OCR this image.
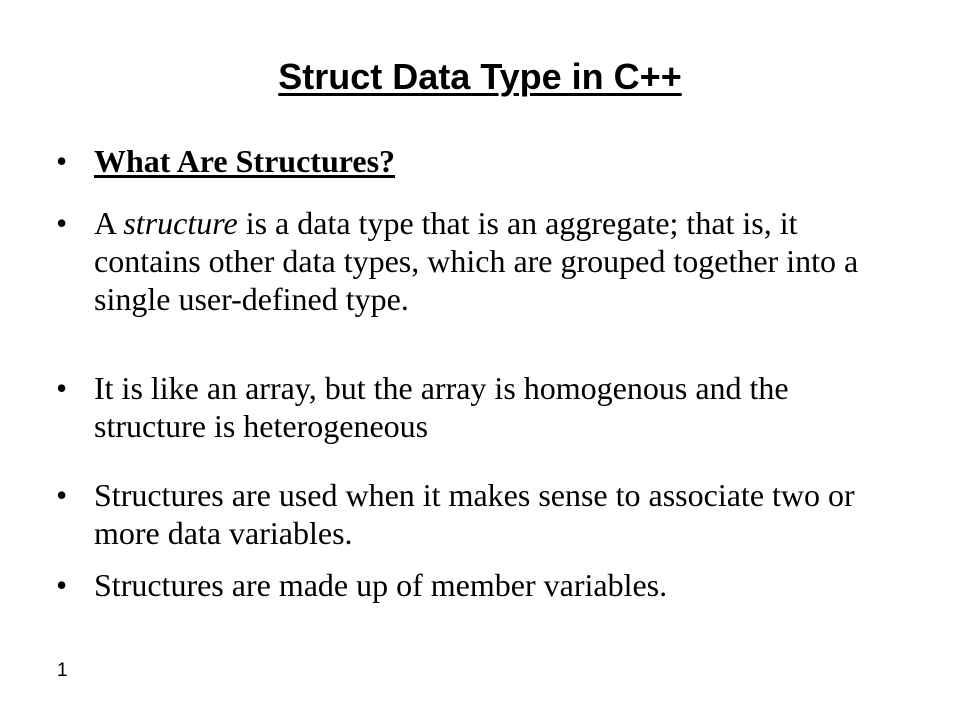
Struct Data Type in C++
• What Are Structures?
• A structure is a data type that is an aggregate; that is, it contains other data types, which are grouped together into a single user-defined type.
• It is like an array, but the array is homogenous and the structure is heterogeneous
• Structures are used when it makes sense to associate two or more data variables.
• Structures are made up of member variables.
1
